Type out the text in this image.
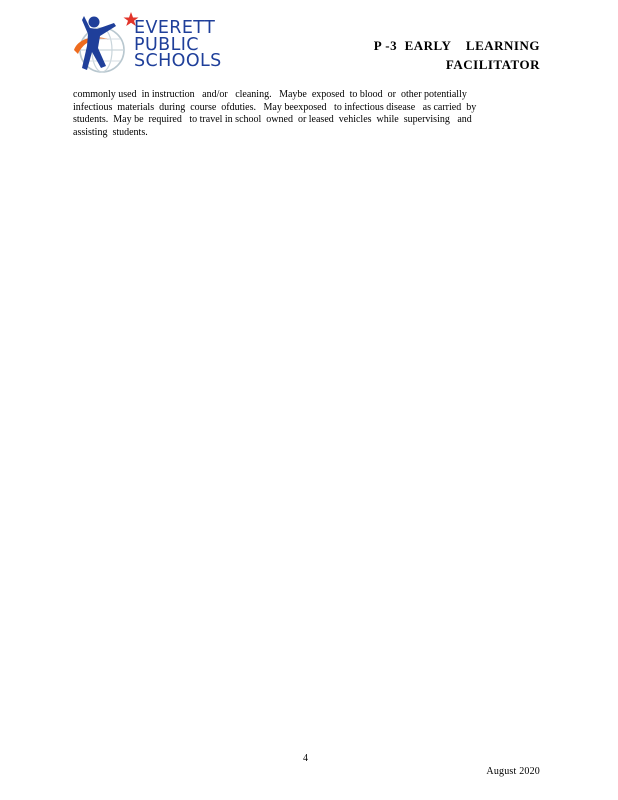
EVERETT
PUBLIC
SCHOOLS
P -3  EARLY    LEARNING
FACILITATOR
commonly used  in instruction   and/or   cleaning.   Maybe  exposed  to blood  or  other potentially
infectious  materials  during  course  ofduties.   May beexposed   to infectious disease   as carried  by
students.  May be  required   to travel in school  owned  or leased  vehicles  while  supervising   and
assisting  students.
4
August 2020
